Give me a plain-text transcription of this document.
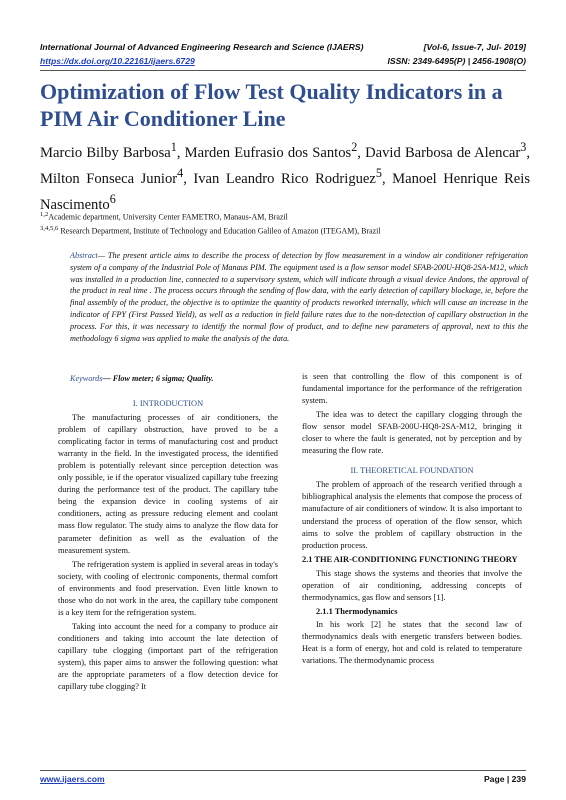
International Journal of Advanced Engineering Research and Science (IJAERS)	[Vol-6, Issue-7, Jul- 2019]
https://dx.doi.org/10.22161/ijaers.6729	ISSN: 2349-6495(P) | 2456-1908(O)
Optimization of Flow Test Quality Indicators in a PIM Air Conditioner Line
Marcio Bilby Barbosa$^1$, Marden Eufrasio dos Santos$^2$, David Barbosa de Alencar$^3$, Milton Fonseca Junior$^4$, Ivan Leandro Rico Rodriguez$^5$, Manoel Henrique Reis Nascimento$^6$
$^{1,2}$Academic department, University Center FAMETRO, Manaus-AM, Brazil
$^{3,4,5,6}$ Research Department, Institute of Technology and Education Galileo of Amazon (ITEGAM), Brazil
Abstract— The present article aims to describe the process of detection by flow measurement in a window air conditioner refrigeration system of a company of the Industrial Pole of Manaus PIM. The equipment used is a flow sensor model SFAB-200U-HQ8-2SA-M12, which was installed in a production line, connected to a supervisory system, which will indicate through a visual device Andons, the approval of the product in real time . The process occurs through the sending of flow data, with the early detection of capillary blockage, ie, before the final assembly of the product, the objective is to optimize the quantity of products reworked internally, which will cause an increase in the indicator of FPY (First Passed Yield), as well as a reduction in field failure rates due to the non-detection of capillary obstruction in the process. For this, it was necessary to identify the normal flow of product, and to define new parameters of approval, next to this the methodology 6 sigma was applied to make the analysis of the data.
Keywords— Flow meter; 6 sigma; Quality.
I. INTRODUCTION
The manufacturing processes of air conditioners, the problem of capillary obstruction, have proved to be a complicating factor in terms of manufacturing cost and product warranty in the field. In the investigated process, the identified problem is potentially relevant since perception detection was only possible, ie if the operator visualized capillary tube freezing during the performance test of the product. The capillary tube being the expansion device in cooling systems of air conditioners, acting as pressure reducing element and coolant mass flow regulator. The study aims to analyze the flow data for parameter definition as well as the evaluation of the measurement system.
The refrigeration system is applied in several areas in today's society, with cooling of electronic components, thermal comfort of environments and food preservation. Even little known to those who do not work in the area, the capillary tube component is a key item for the refrigeration system.
Taking into account the need for a company to produce air conditioners and taking into account the late detection of capillary tube clogging (important part of the refrigeration system), this paper aims to answer the following question: what are the appropriate parameters of a flow detection device for capillary tube clogging? It
is seen that controlling the flow of this component is of fundamental importance for the performance of the refrigeration system.
The idea was to detect the capillary clogging through the flow sensor model SFAB-200U-HQ8-2SA-M12, bringing it closer to where the fault is generated, not by perception and by measuring the flow rate.
II. THEORETICAL FOUNDATION
The problem of approach of the research verified through a bibliographical analysis the elements that compose the process of manufacture of air conditioners of window. It is also important to understand the process of operation of the flow sensor, which aims to solve the problem of capillary obstruction in the production process.
2.1 THE AIR-CONDITIONING FUNCTIONING THEORY
This stage shows the systems and theories that involve the operation of air conditioning, addressing concepts of thermodynamics, gas flow and sensors [1].
2.1.1 Thermodynamics
In his work [2] he states that the second law of thermodynamics deals with energetic transfers between bodies. Heat is a form of energy, hot and cold is related to temperature variations. The thermodynamic process
www.ijaers.com	Page | 239
